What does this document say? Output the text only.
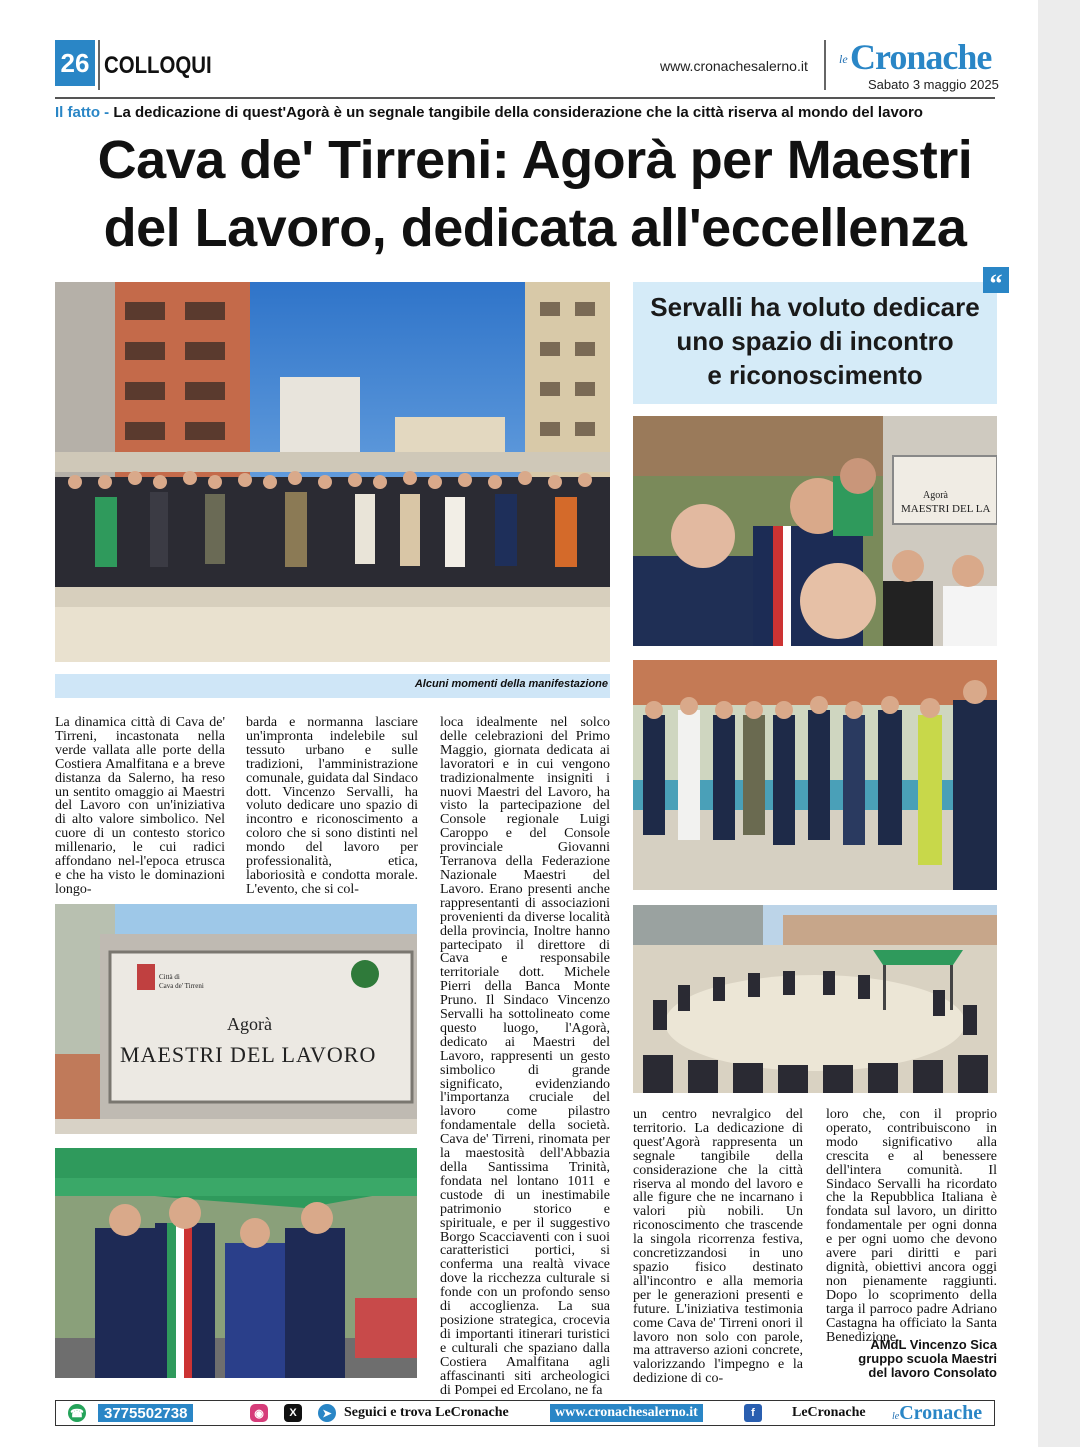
26 COLLOQUI	www.cronachesalerno.it	le Cronache
Sabato 3 maggio 2025
Il fatto - La dedicazione di quest'Agorà è un segnale tangibile della considerazione che la città riserva al mondo del lavoro
Cava de' Tirreni: Agorà per Maestri
del Lavoro, dedicata all'eccellenza
Alcuni momenti della manifestazione
Servalli ha voluto dedicare
uno spazio di incontro
e riconoscimento
“
Agorà
MAESTRI DEL LA
Città di
Cava de' Tirreni
Agorà
MAESTRI DEL LAVORO

La dinamica città di Cava de' Tirreni, incastonata nella verde vallata alle porte della Costiera Amalfitana e a breve distanza da Salerno, ha reso un sentito omaggio ai Maestri del Lavoro con un'iniziativa di alto valore simbolico. Nel cuore di un contesto storico millenario, le cui radici affondano nel-l'epoca etrusca e che ha visto le dominazioni longo-

barda e normanna lasciare un'impronta indelebile sul tessuto urbano e sulle tradizioni, l'amministrazione comunale, guidata dal Sindaco dott. Vincenzo Servalli, ha voluto dedicare uno spazio di incontro e riconoscimento a coloro che si sono distinti nel mondo del lavoro per professionalità, etica, laboriosità e condotta morale. L'evento, che si col-

loca idealmente nel solco delle celebrazioni del Primo Maggio, giornata dedicata ai lavoratori e in cui vengono tradizionalmente insigniti i nuovi Maestri del Lavoro, ha visto la partecipazione del Console regionale Luigi Caroppo e del Console provinciale Giovanni Terranova della Federazione Nazionale Maestri del Lavoro. Erano presenti anche rappresentanti di associazioni provenienti da diverse località della provincia, Inoltre hanno partecipato il direttore di Cava e responsabile territoriale dott. Michele Pierri della Banca Monte Pruno. Il Sindaco Vincenzo Servalli ha sottolineato come questo luogo, l'Agorà, dedicato ai Maestri del Lavoro, rappresenti un gesto simbolico di grande significato, evidenziando l'importanza cruciale del lavoro come pilastro fondamentale della società. Cava de' Tirreni, rinomata per la maestosità dell'Abbazia della Santissima Trinità, fondata nel lontano 1011 e custode di un inestimabile patrimonio storico e spirituale, e per il suggestivo Borgo Scacciaventi con i suoi caratteristici portici, si conferma una realtà vivace dove la ricchezza culturale si fonde con un profondo senso di accoglienza. La sua posizione strategica, crocevia di importanti itinerari turistici e culturali che spaziano dalla Costiera Amalfitana agli affascinanti siti archeologici di Pompei ed Ercolano, ne fa

un centro nevralgico del territorio. La dedicazione di quest'Agorà rappresenta un segnale tangibile della considerazione che la città riserva al mondo del lavoro e alle figure che ne incarnano i valori più nobili. Un riconoscimento che trascende la singola ricorrenza festiva, concretizzandosi in uno spazio fisico destinato all'incontro e alla memoria per le generazioni presenti e future. L'iniziativa testimonia come Cava de' Tirreni onori il lavoro non solo con parole, ma attraverso azioni concrete, valorizzando l'impegno e la dedizione di co-

loro che, con il proprio operato, contribuiscono in modo significativo alla crescita e al benessere dell'intera comunità. Il Sindaco Servalli ha ricordato che la Repubblica Italiana è fondata sul lavoro, un diritto fondamentale per ogni donna e per ogni uomo che devono avere pari diritti e pari dignità, obiettivi ancora oggi non pienamente raggiunti. Dopo lo scoprimento della targa il parroco padre Adriano Castagna ha officiato la Santa Benedizione.

AMdL Vincenzo Sica
gruppo scuola Maestri
del lavoro Consolato
☎	3775502738	◉	X	➤ Seguici e trova LeCronache	www.cronachesalerno.it	f	LeCronache	le Cronache
